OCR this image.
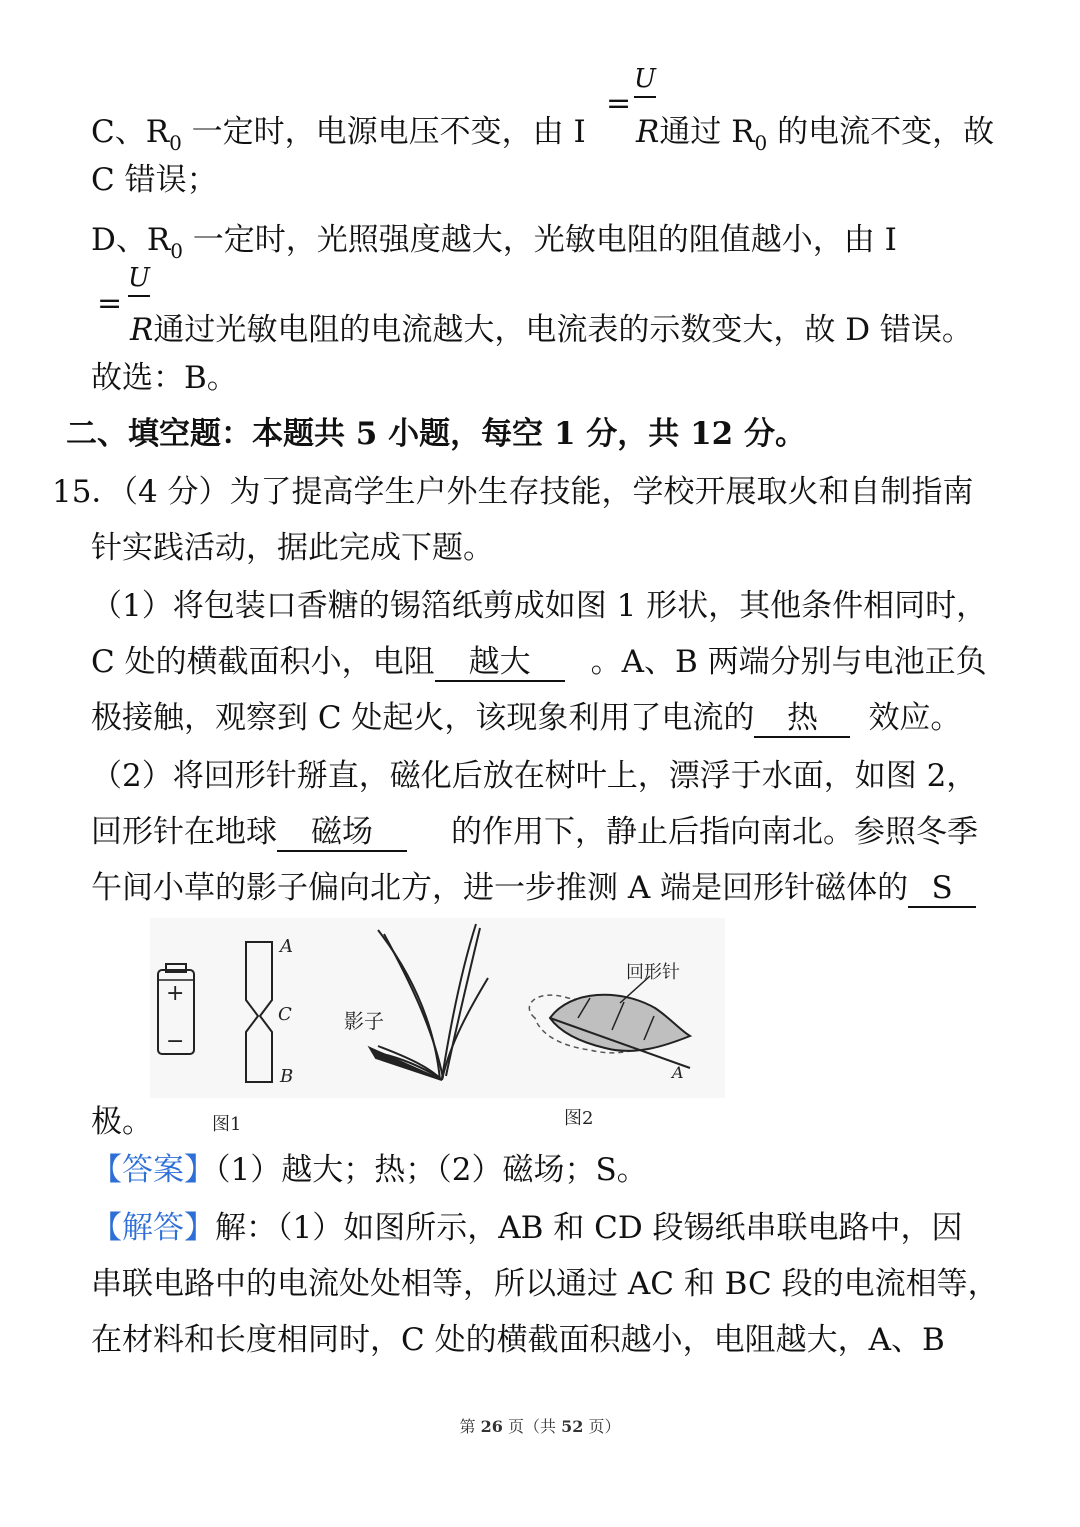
=
U
C、$R_0$ 一定时，电源电压不变，由 I R通过 $R_0$ 的电流不变，故
C 错误；
D、$R_0$ 一定时，光照强度越大，光敏电阻的阻值越小，由 I
U
=
R通过光敏电阻的电流越大，电流表的示数变大，故 D 错误。
故选：B。
二、填空题：本题共 5 小题，每空 1 分，共 12 分。
15．（4 分）为了提高学生户外生存技能，学校开展取火和自制指南
针实践活动，据此完成下题。
（1）将包装口香糖的锡箔纸剪成如图 1 形状，其他条件相同时，
C 处的横截面积小，电阻 越大 。A、B 两端分别与电池正负
极接触，观察到 C 处起火，该现象利用了电流的 热 效应。
（2）将回形针掰直，磁化后放在树叶上，漂浮于水面，如图 2，
回形针在地球 磁场	的作用下，静止后指向南北。参照冬季
午间小草的影子偏向北方，进一步推测 A 端是回形针磁体的 S
+
−
A
C
B
影子
回形针
A
极。	图1	图2
【答案】（1）越大；热；（2）磁场；S。
【解答】解：（1）如图所示，AB 和 CD 段锡纸串联电路中，因
串联电路中的电流处处相等，所以通过 AC 和 BC 段的电流相等，
在材料和长度相同时，C 处的横截面积越小，电阻越大，A、B
第 26 页（共 52 页）
